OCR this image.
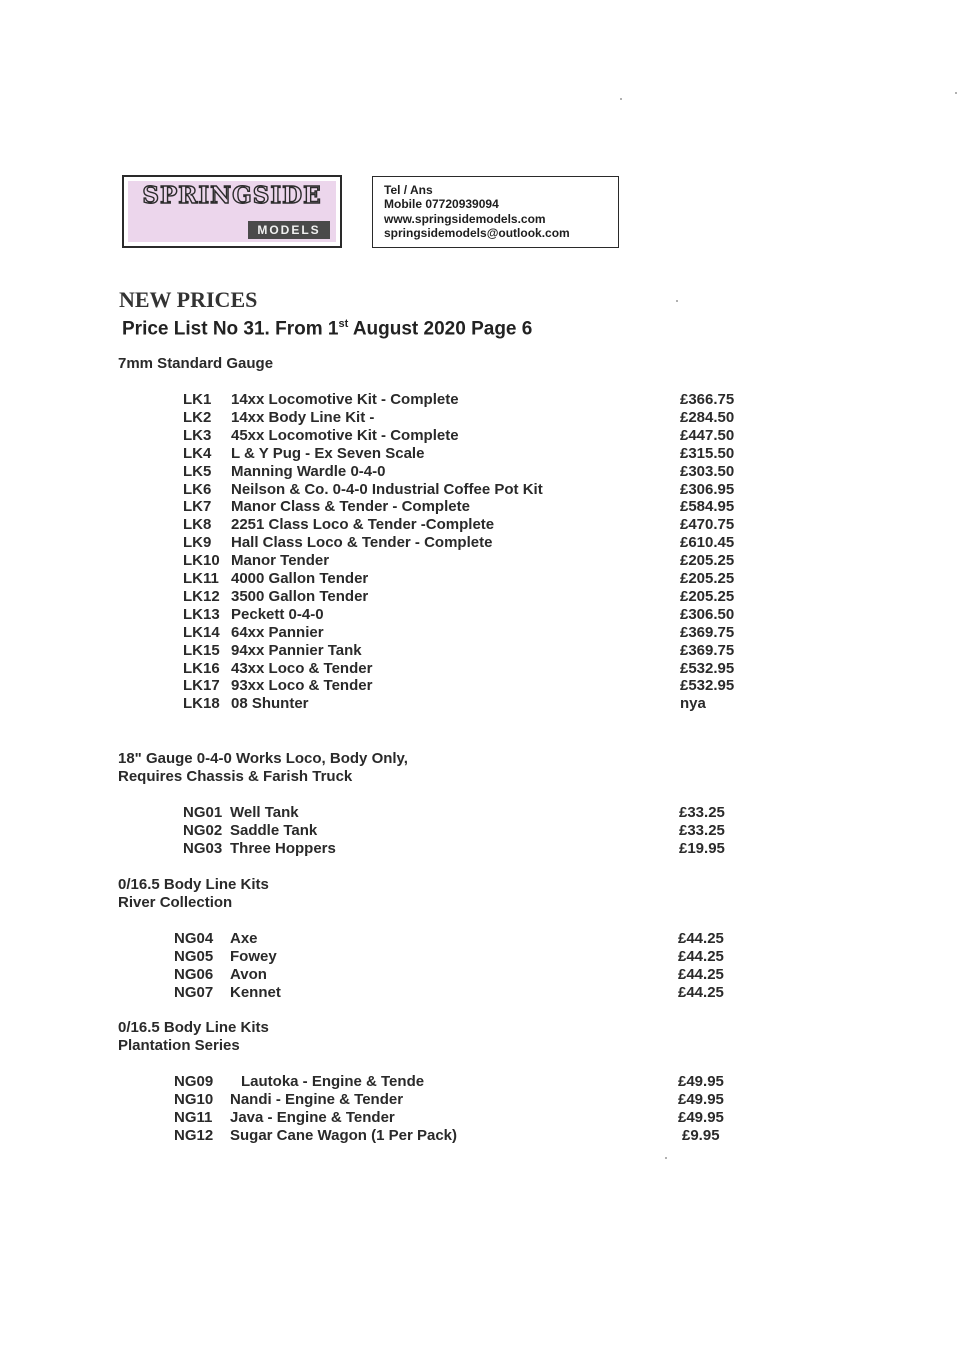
SPRINGSIDE
MODELS
Tel / Ans
Mobile 07720939094
www.springsidemodels.com
springsidemodels@outlook.com
NEW PRICES
Price List No 31. From 1st August 2020 Page 6
7mm Standard Gauge
LK1 14xx Locomotive Kit - Complete	£366.75
LK2 14xx Body Line Kit -	£284.50
LK3 45xx Locomotive Kit - Complete	£447.50
LK4 L & Y Pug - Ex Seven Scale	£315.50
LK5 Manning Wardle 0-4-0	£303.50
LK6 Neilson & Co. 0-4-0 Industrial Coffee Pot Kit	£306.95
LK7 Manor Class & Tender - Complete	£584.95
LK8 2251 Class Loco & Tender -Complete	£470.75
LK9 Hall Class Loco & Tender - Complete	£610.45
LK10 Manor Tender	£205.25
LK11 4000 Gallon Tender	£205.25
LK12 3500 Gallon Tender	£205.25
LK13 Peckett 0-4-0	£306.50
LK14 64xx Pannier	£369.75
LK15 94xx Pannier Tank	£369.75
LK16 43xx Loco & Tender	£532.95
LK17 93xx Loco & Tender	£532.95
LK18 08 Shunter	nya
18" Gauge 0-4-0 Works Loco, Body Only,
Requires Chassis & Farish Truck
NG01 Well Tank	£33.25
NG02 Saddle Tank	£33.25
NG03 Three Hoppers	£19.95
0/16.5 Body Line Kits
River Collection
NG04 Axe	£44.25
NG05 Fowey	£44.25
NG06 Avon	£44.25
NG07 Kennet	£44.25
0/16.5 Body Line Kits
Plantation Series
NG09 Lautoka - Engine & Tende	£49.95
NG10 Nandi - Engine & Tender	£49.95
NG11 Java - Engine & Tender	£49.95
NG12 Sugar Cane Wagon (1 Per Pack)	£9.95
